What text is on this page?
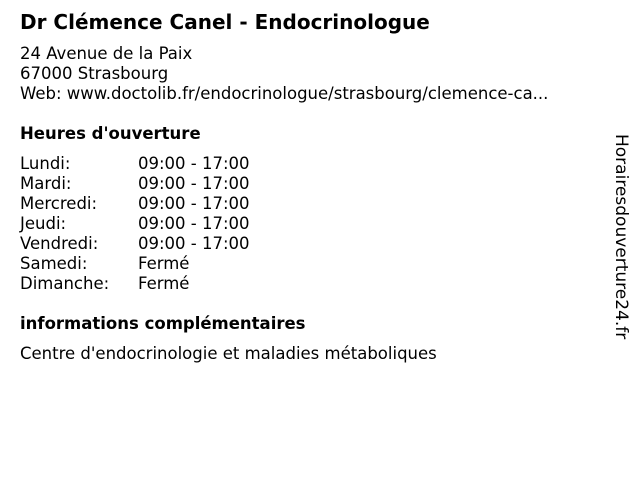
Dr Clémence Canel - Endocrinologue
24 Avenue de la Paix
67000 Strasbourg
Web: www.doctolib.fr/endocrinologue/strasbourg/clemence-ca...
Heures d'ouverture
Lundi:	09:00 - 17:00
Mardi:	09:00 - 17:00
Mercredi: 09:00 - 17:00
Jeudi:	09:00 - 17:00
Vendredi: 09:00 - 17:00
Samedi:	Fermé
Dimanche: Fermé
informations complémentaires
Centre d'endocrinologie et maladies métaboliques
Horairesdouverture24.fr
